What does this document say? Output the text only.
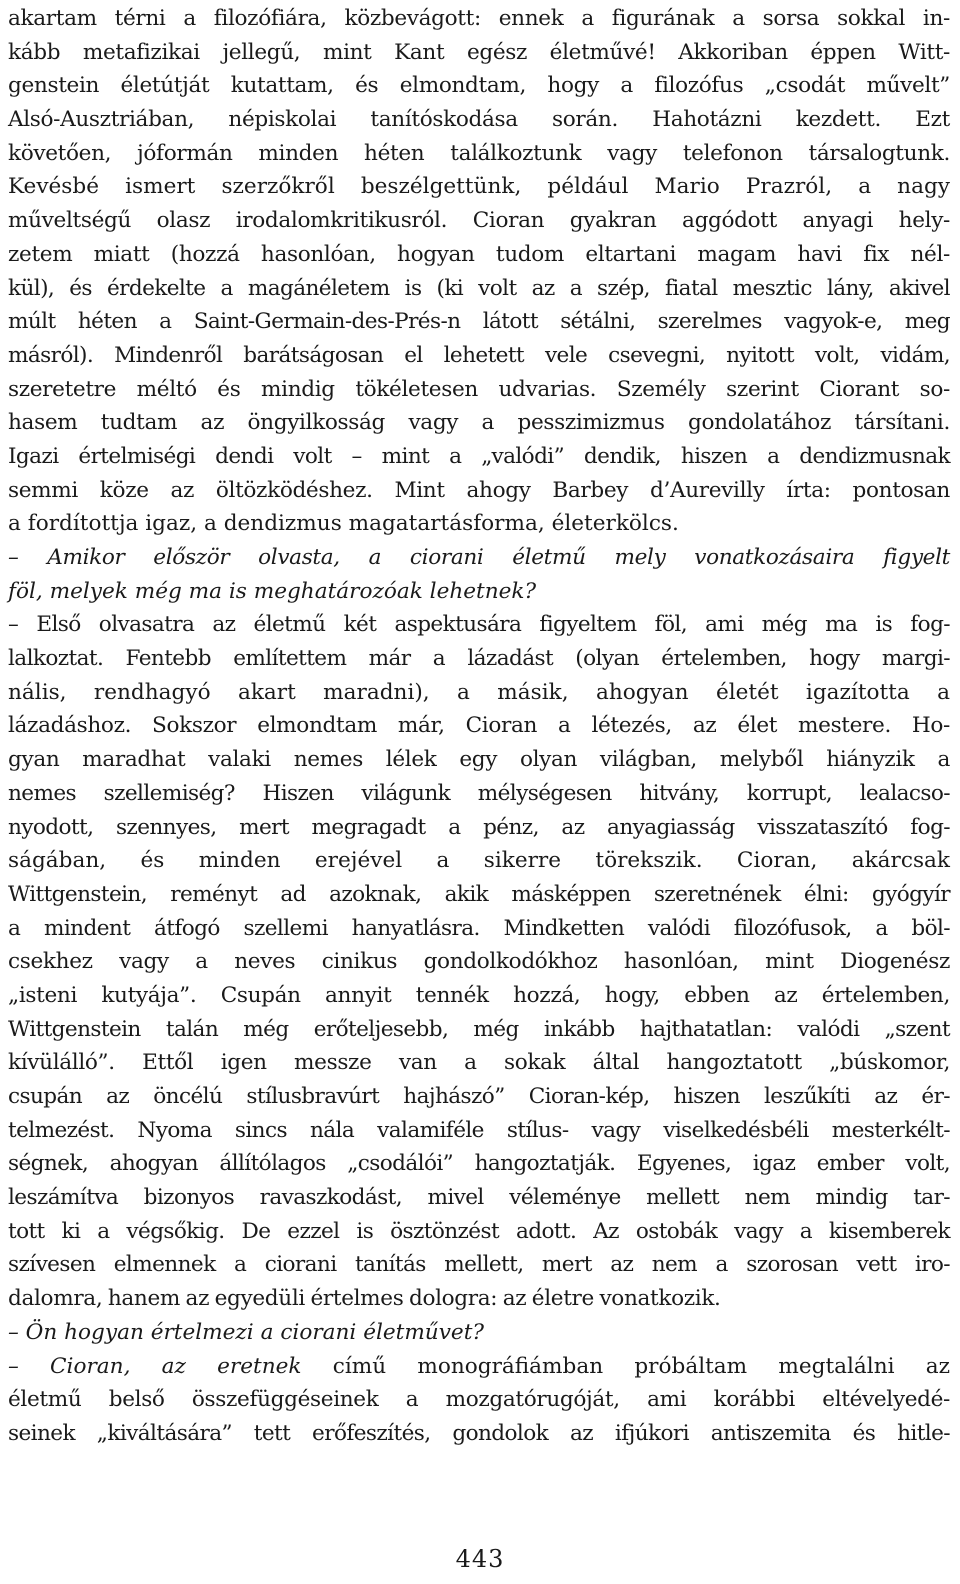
akartam térni a filozófiára, közbevágott: ennek a figurának a sorsa sokkal in-
kább metafizikai jellegű, mint Kant egész életművé! Akkoriban éppen Witt-
genstein életútját kutattam, és elmondtam, hogy a filozófus „csodát művelt”
Alsó-Ausztriában, népiskolai tanítóskodása során. Hahotázni kezdett. Ezt
követően, jóformán minden héten találkoztunk vagy telefonon társalogtunk.
Kevésbé ismert szerzőkről beszélgettünk, például Mario Prazról, a nagy
műveltségű olasz irodalomkritikusról. Cioran gyakran aggódott anyagi hely-
zetem miatt (hozzá hasonlóan, hogyan tudom eltartani magam havi fix nél-
kül), és érdekelte a magánéletem is (ki volt az a szép, fiatal mesztic lány, akivel
múlt héten a Saint-Germain-des-Prés-n látott sétálni, szerelmes vagyok-e, meg
másról). Mindenről barátságosan el lehetett vele csevegni, nyitott volt, vidám,
szeretetre méltó és mindig tökéletesen udvarias. Személy szerint Ciorant so-
hasem tudtam az öngyilkosság vagy a pesszimizmus gondolatához társítani.
Igazi értelmiségi dendi volt – mint a „valódi” dendik, hiszen a dendizmusnak
semmi köze az öltözködéshez. Mint ahogy Barbey d’Aurevilly írta: pontosan
a fordítottja igaz, a dendizmus magatartásforma, életerkölcs.
– Amikor először olvasta, a ciorani életmű mely vonatkozásaira figyelt
föl, melyek még ma is meghatározóak lehetnek?
– Első olvasatra az életmű két aspektusára figyeltem föl, ami még ma is fog-
lalkoztat. Fentebb említettem már a lázadást (olyan értelemben, hogy margi-
nális, rendhagyó akart maradni), a másik, ahogyan életét igazította a
lázadáshoz. Sokszor elmondtam már, Cioran a létezés, az élet mestere. Ho-
gyan maradhat valaki nemes lélek egy olyan világban, melyből hiányzik a
nemes szellemiség? Hiszen világunk mélységesen hitvány, korrupt, lealacso-
nyodott, szennyes, mert megragadt a pénz, az anyagiasság visszataszító fog-
ságában, és minden erejével a sikerre törekszik. Cioran, akárcsak
Wittgenstein, reményt ad azoknak, akik másképpen szeretnének élni: gyógyír
a mindent átfogó szellemi hanyatlásra. Mindketten valódi filozófusok, a böl-
csekhez vagy a neves cinikus gondolkodókhoz hasonlóan, mint Diogenész
„isteni kutyája”. Csupán annyit tennék hozzá, hogy, ebben az értelemben,
Wittgenstein talán még erőteljesebb, még inkább hajthatatlan: valódi „szent
kívülálló”. Ettől igen messze van a sokak által hangoztatott „búskomor,
csupán az öncélú stílusbravúrt hajhászó” Cioran-kép, hiszen leszűkíti az ér-
telmezést. Nyoma sincs nála valamiféle stílus- vagy viselkedésbéli mesterkélt-
ségnek, ahogyan állítólagos „csodálói” hangoztatják. Egyenes, igaz ember volt,
leszámítva bizonyos ravaszkodást, mivel véleménye mellett nem mindig tar-
tott ki a végsőkig. De ezzel is ösztönzést adott. Az ostobák vagy a kisemberek
szívesen elmennek a ciorani tanítás mellett, mert az nem a szorosan vett iro-
dalomra, hanem az egyedüli értelmes dologra: az életre vonatkozik.
– Ön hogyan értelmezi a ciorani életművet?
– Cioran, az eretnek című monográfiámban próbáltam megtalálni az
életmű belső összefüggéseinek a mozgatórugóját, ami korábbi eltévelyedé-
seinek „kiváltására” tett erőfeszítés, gondolok az ifjúkori antiszemita és hitle-
443
